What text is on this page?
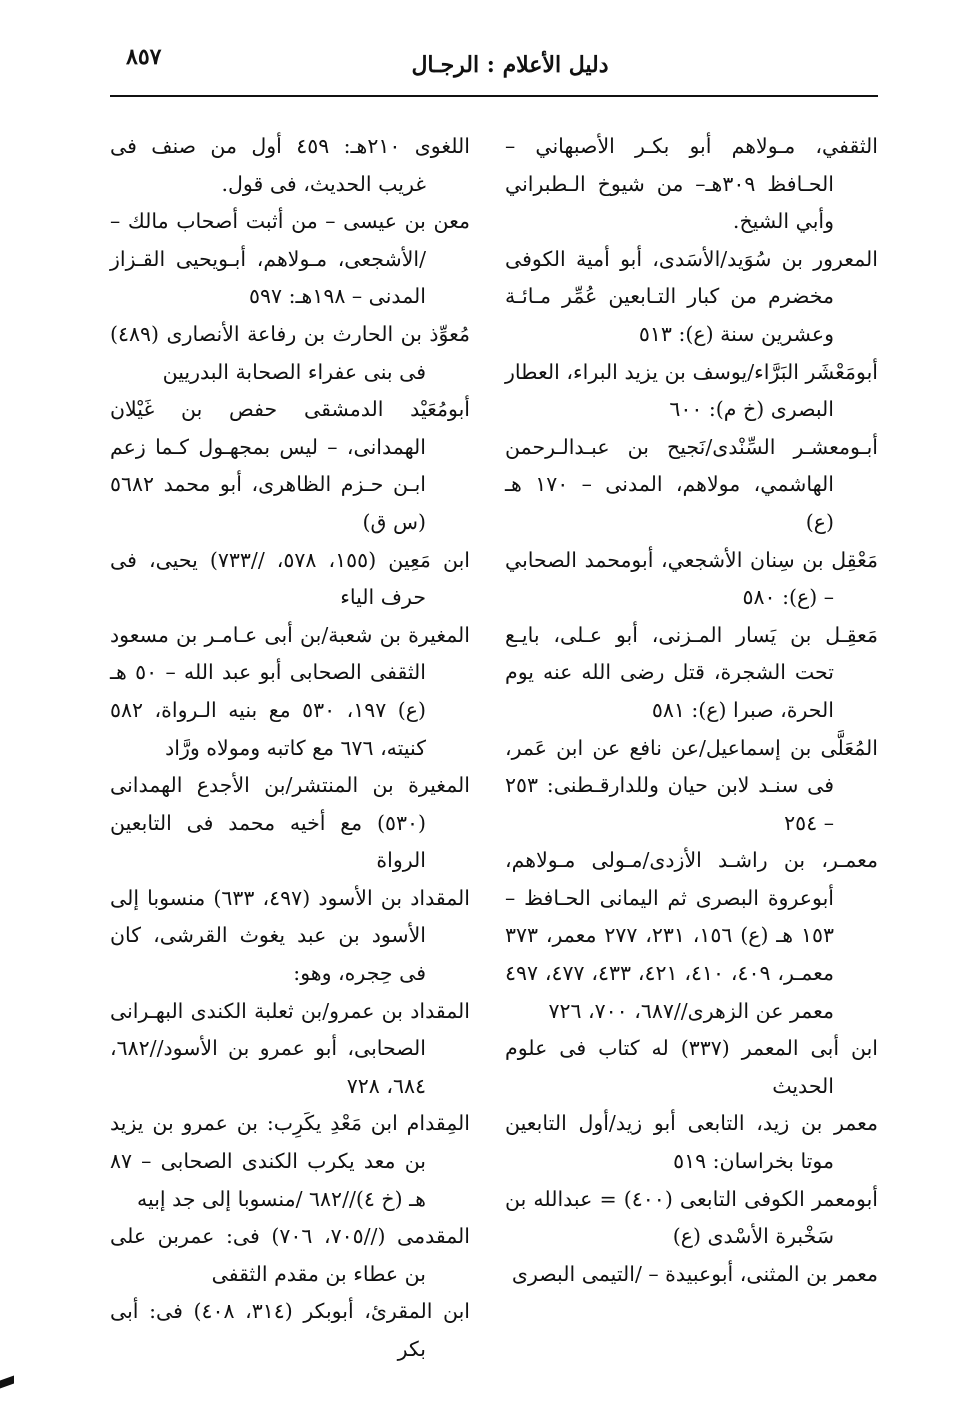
٨٥٧	دليل الأعلام : الرجـال

الثقفي، مـولاهم أبو بكـر الأصبهاني – الحـافظ ٣٠٩هـ– من شيوخ الـطبراني وأبي الشيخ.

المعرور بن سُوَيد/الأسَدى، أبو أمية الكوفى مخضرم من كبار التـابعين عُمِّر مـائـة وعشرين سنة (ع): ٥١٣

أبومَعْشَر البَرَّاء/يوسف بن يزيد البراء، العطار البصرى (خ م): ٦٠٠

أبـومعشـر السِّنْدى/نَجيح بن عبـدالـرحمن الهاشمي، مولاهم، المدنى – ١٧٠ هـ (ع)

مَعْقِل بن سِنان الأشجعي، أبومحمد الصحابي – (ع): ٥٨٠

مَعقِـل بن يَسار المـزنى، أبو عـلى، بايـع تحت الشجرة، قتل رضى الله عنه يوم الحرة، صبرا (ع): ٥٨١

المُعَلَّى بن إسماعيل/عن نافع عن ابن عَمر، فى سنـد لابن حيان وللدارقـطنى: ٢٥٣ – ٢٥٤

معمـر، بن راشـد الأزدى/مـولى مـولاهم، أبوعروة البصرى ثم اليمانى الحـافظ – ١٥٣ هـ (ع) ١٥٦، ٢٣١، ٢٧٧ معمر، ٣٧٣ معمـر، ٤٠٩، ٤١٠، ٤٢١، ٤٣٣، ٤٧٧، ٤٩٧ معمر عن الزهرى//٦٨٧، ٧٠٠، ٧٢٦

ابن أبى المعمر (٣٣٧) له كتاب فى علوم الحديث

معمر بن زيد، التابعى أبو زيد/أول التابعين موتا بخراسان: ٥١٩

أبومعمر الكوفى التابعى (٤٠٠) = عبدالله بن سَخْبرة الأسْدى (ع)

معمر بن المثنى، أبوعبيدة – /التيمى البصرى

اللغوى ٢١٠هـ: ٤٥٩ أول من صنف فى غريب الحديث، فى قول.

معن بن عيسى – من أثبت أصحاب مالك – /الأشجعى، مـولاهم، أبـويحيى القـزاز المدنى – ١٩٨هـ: ٥٩٧

مُعوِّذ بن الحارث بن رفاعة الأنصارى (٤٨٩) فى بنى عفراء الصحابة البدريين

أبومُعَيْد الدمشقى حفص بن غَيْلان الهمدانى، – ليس بمجهـول كـما زعم ابـن حـزم الظاهرى، أبو محمد ٥٦٨٢ (س ق)

ابن مَعِين (١٥٥، ٥٧٨، //٧٣٣) يحيى، فى حرف الياء

المغيرة بن شعبة/بن أبى عـامـر بن مسعود الثقفى الصحابى أبو عبد الله – ٥٠ هـ (ع) ١٩٧، ٥٣٠ مع بنيه الـرواة، ٥٨٢ كنيته، ٦٧٦ مع كاتبه ومولاه ورَّاد

المغيرة بن المنتشر/بن الأجدع الهمدانى (٥٣٠) مع أخيه محمد فى التابعين الرواة

المقداد بن الأسود (٤٩٧، ٦٣٣) منسوبا إلى الأسود بن عبد يغوث القرشى، كان فى حِجره، وهو:

المقداد بن عمرو/بن ثعلبة الكندى البهـرانى الصحابى، أبو عمرو بن الأسود//٦٨٢، ٦٨٤، ٧٢٨

المِقدام ابن مَعْدِ يكَرِب: بن عمرو بن يزيد بن معد يكرب الكندى الصحابى – ٨٧ هـ (خ ٤)//٦٨٢ /منسوبا إلى جد إبيه

المقدمى (//٧٠٥، ٧٠٦) فى: عمربن على بن عطاء بن مقدم الثقفى

ابن المقرئ، أبوبكر (٣١٤، ٤٠٨) فى: أبى بكر
